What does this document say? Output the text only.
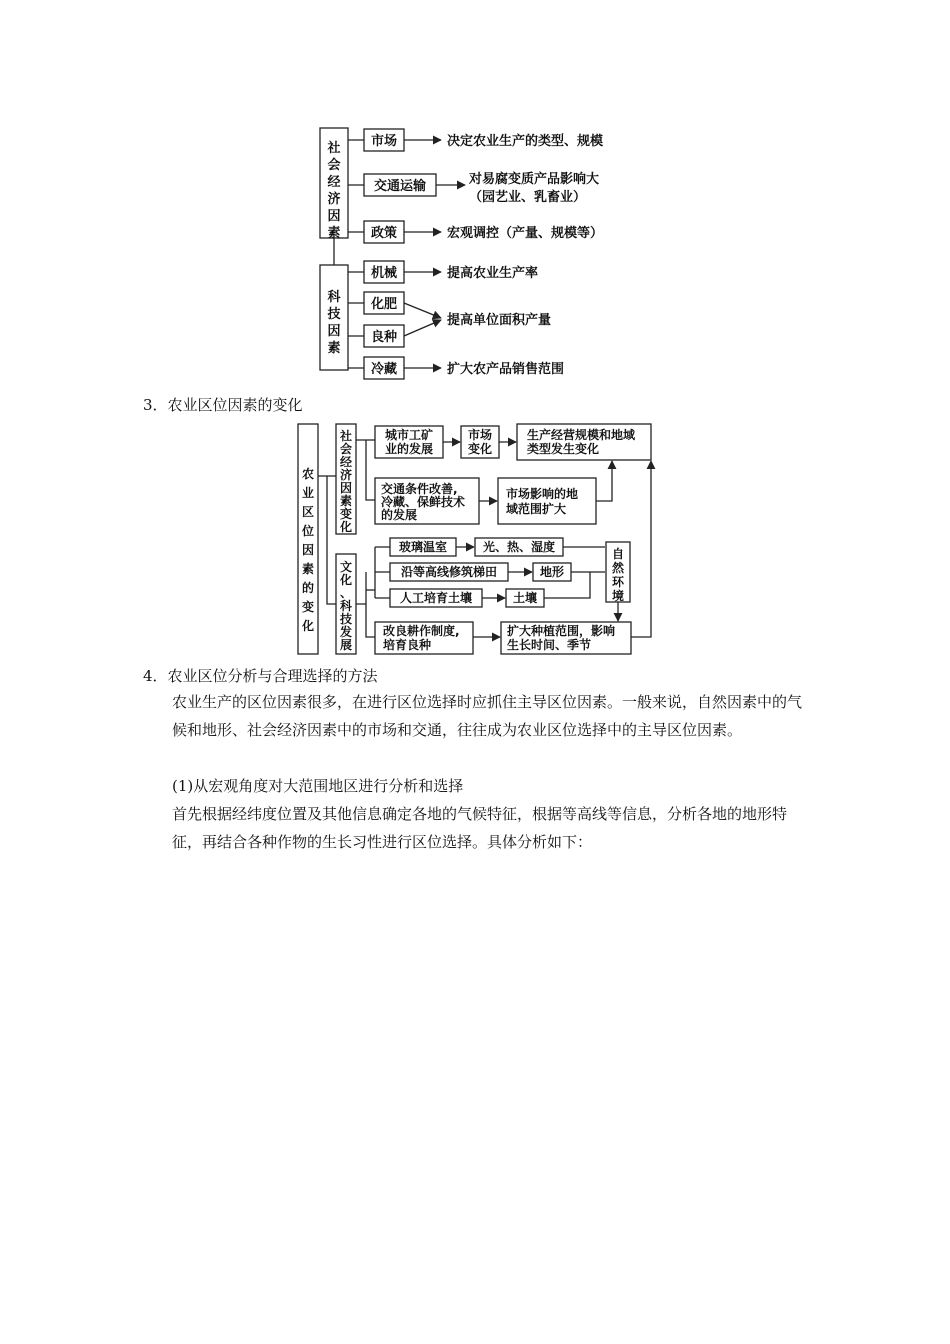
社
会
经
济
因
素
科
技
因
素
市场	决定农业生产的类型、规模
交通运输	对易腐变质产品影响大
（园艺业、乳畜业）
政策	宏观调控（产量、规模等）
机械	提高农业生产率
化肥
良种
提高单位面积产量
冷藏	扩大农产品销售范围
农
业
区
位
因
素
的
变
化
社
会
经
济
因
素
变
化
文
化
、
科
技
发
展
城市工矿
业的发展
市场
变化
生产经营规模和地域
类型发生变化
交通条件改善,
冷藏、保鲜技术
的发展
市场影响的地
域范围扩大
玻璃温室	光、热、湿度
沿等高线修筑梯田	地形
人工培育土壤	土壤
自
然
环
境
改良耕作制度,
培育良种
扩大种植范围，影响
生长时间、季节
3．农业区位因素的变化
4．农业区位分析与合理选择的方法

农业生产的区位因素很多，在进行区位选择时应抓住主导区位因素。一般来说，自然因素中的气候和地形、社会经济因素中的市场和交通，往往成为农业区位选择中的主导区位因素。

(1)从宏观角度对大范围地区进行分析和选择

首先根据经纬度位置及其他信息确定各地的气候特征，根据等高线等信息，分析各地的地形特征，再结合各种作物的生长习性进行区位选择。具体分析如下：
